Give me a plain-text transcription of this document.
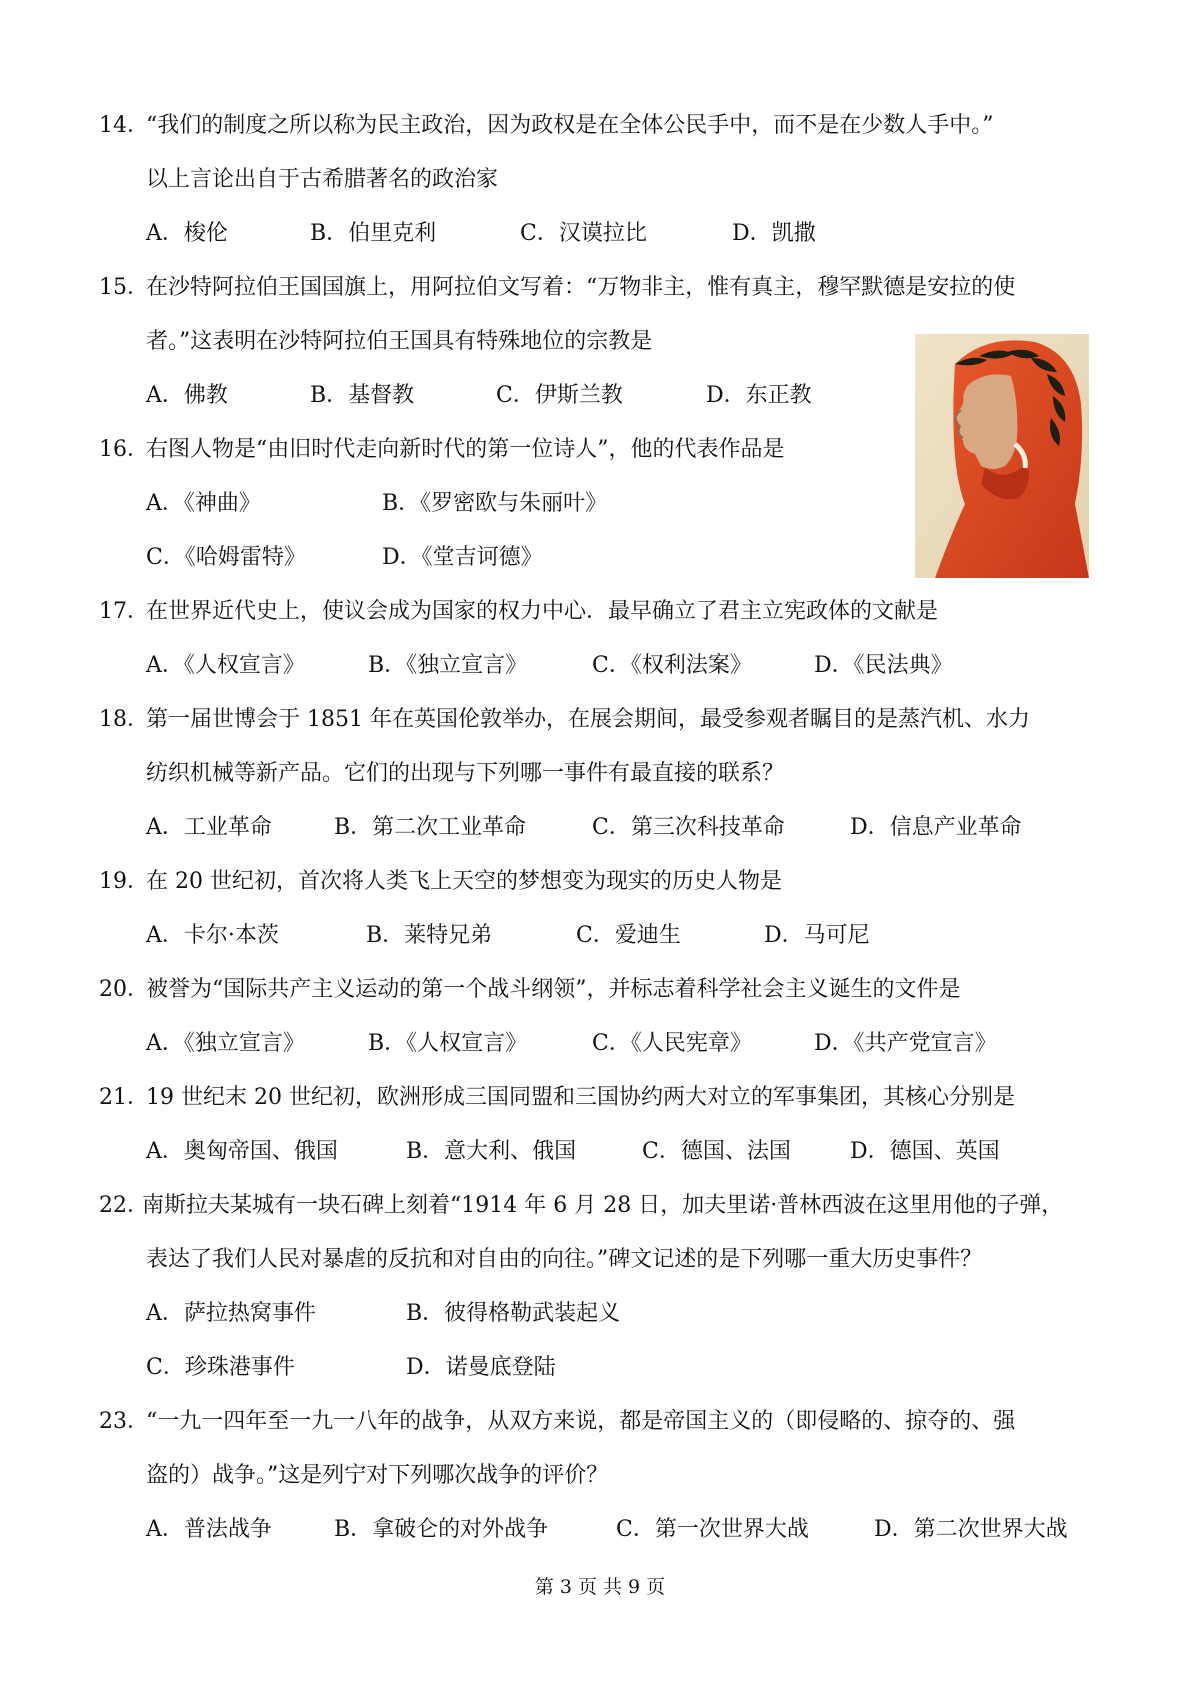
14．
“我们的制度之所以称为民主政治，因为政权是在全体公民手中，而不是在少数人手中。”
以上言论出自于古希腊著名的政治家
A．梭伦	B．伯里克利	C．汉谟拉比	D．凯撒
15．
在沙特阿拉伯王国国旗上，用阿拉伯文写着：“万物非主，惟有真主，穆罕默德是安拉的使
者。”这表明在沙特阿拉伯王国具有特殊地位的宗教是
A．佛教	B．基督教	C．伊斯兰教	D．东正教
16．
右图人物是“由旧时代走向新时代的第一位诗人”，他的代表作品是
A．《神曲》	B．《罗密欧与朱丽叶》
C．《哈姆雷特》	D．《堂吉诃德》
17．
在世界近代史上，使议会成为国家的权力中心．最早确立了君主立宪政体的文献是
A．《人权宣言》	B．《独立宣言》	C．《权利法案》	D．《民法典》
18．
第一届世博会于 1851 年在英国伦敦举办，在展会期间，最受参观者瞩目的是蒸汽机、水力
纺织机械等新产品。它们的出现与下列哪一事件有最直接的联系？
A．工业革命	B．第二次工业革命	C．第三次科技革命	D．信息产业革命
19．
在 20 世纪初，首次将人类飞上天空的梦想变为现实的历史人物是
A．卡尔·本茨	B．莱特兄弟	C．爱迪生	D．马可尼
20．
被誉为“国际共产主义运动的第一个战斗纲领”，并标志着科学社会主义诞生的文件是
A．《独立宣言》	B．《人权宣言》	C．《人民宪章》	D．《共产党宣言》
21．
19 世纪末 20 世纪初，欧洲形成三国同盟和三国协约两大对立的军事集团，其核心分别是
A．奥匈帝国、俄国	B．意大利、俄国	C．德国、法国	D．德国、英国
22．
南斯拉夫某城有一块石碑上刻着“1914 年 6 月 28 日，加夫里诺·普林西波在这里用他的子弹，
表达了我们人民对暴虐的反抗和对自由的向往。”碑文记述的是下列哪一重大历史事件？
A．萨拉热窝事件	B．彼得格勒武装起义
C．珍珠港事件	D．诺曼底登陆
23．
“一九一四年至一九一八年的战争，从双方来说，都是帝国主义的（即侵略的、掠夺的、强
盗的）战争。”这是列宁对下列哪次战争的评价？
A．普法战争	B．拿破仑的对外战争	C．第一次世界大战	D．第二次世界大战
第 3 页 共 9 页
